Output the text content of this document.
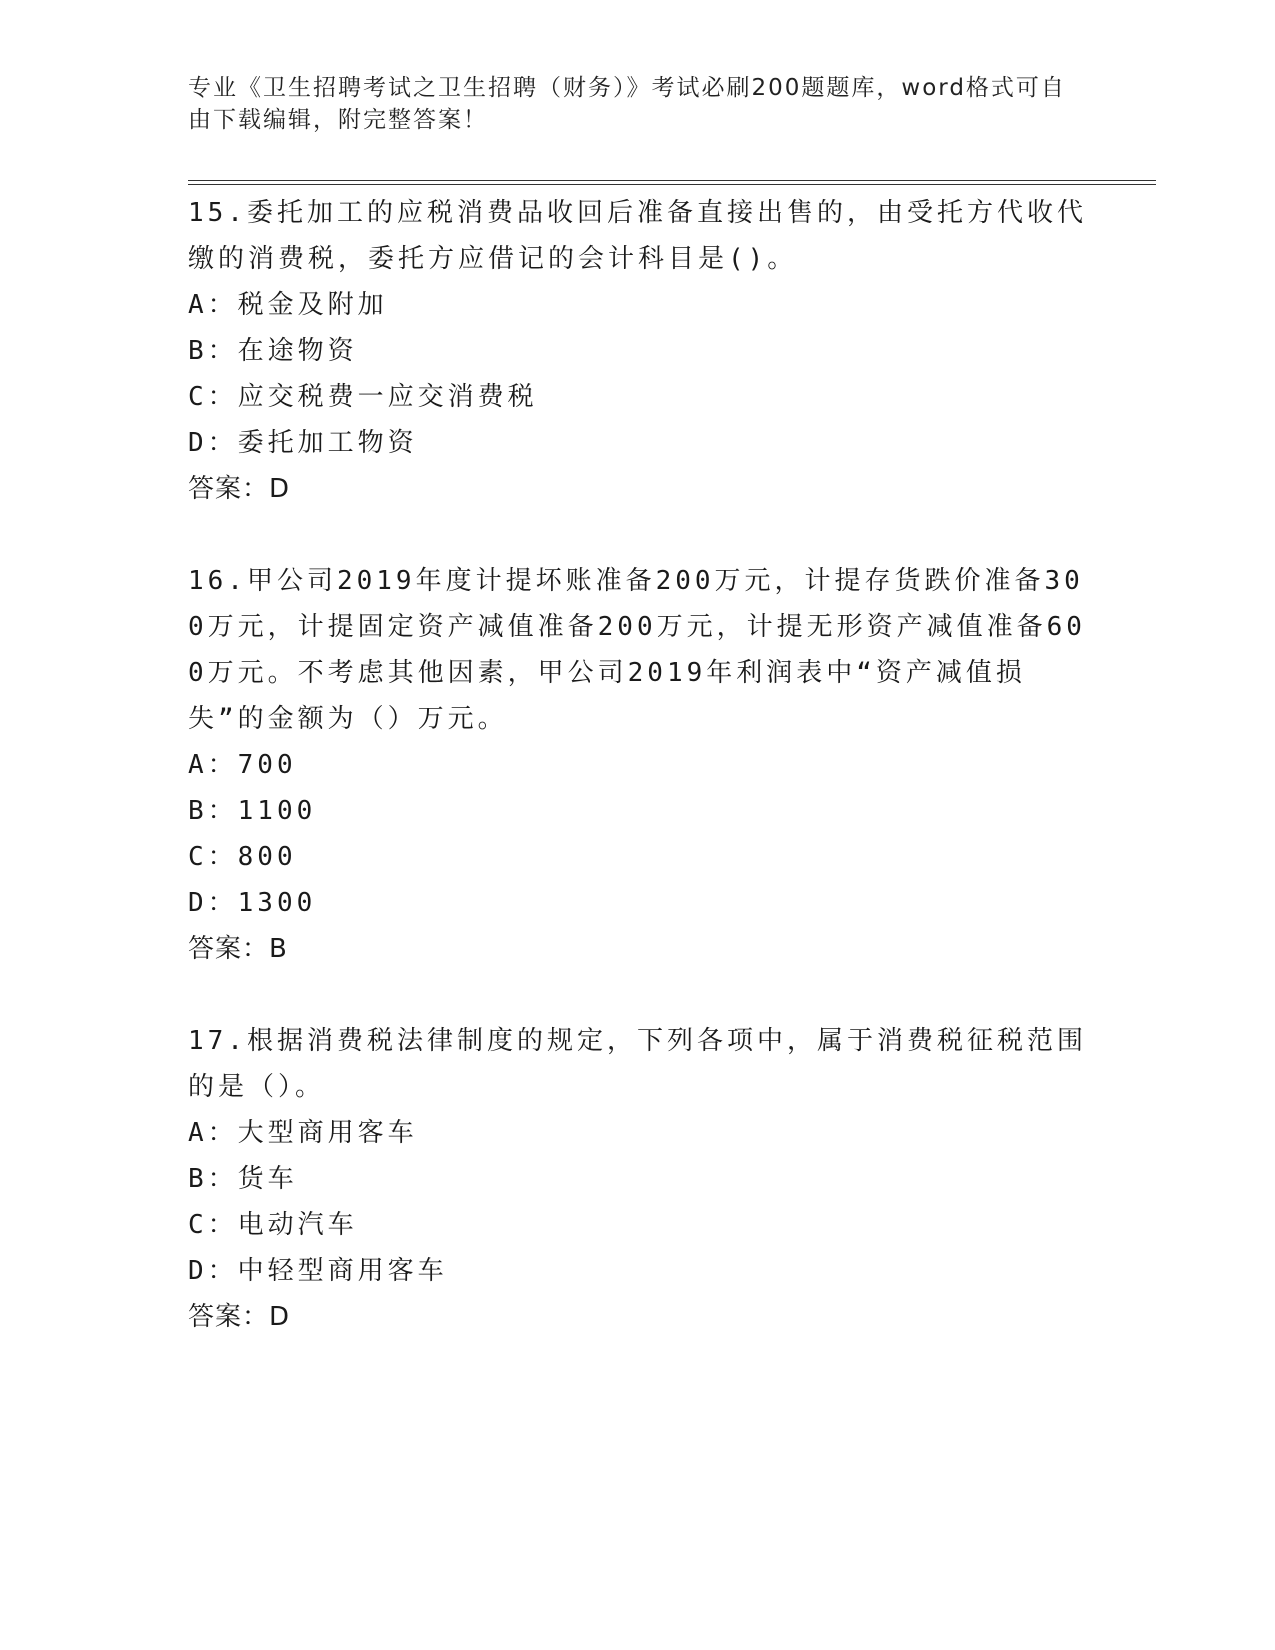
专业《卫生招聘考试之卫生招聘（财务）》考试必刷200题题库，word格式可自由下载编辑，附完整答案！

15.委托加工的应税消费品收回后准备直接出售的，由受托方代收代缴的消费税，委托方应借记的会计科目是()。

A：税金及附加

B：在途物资

C：应交税费一应交消费税

D：委托加工物资

答案：D

16.甲公司2019年度计提坏账准备200万元，计提存货跌价准备300万元，计提固定资产减值准备200万元，计提无形资产减值准备600万元。不考虑其他因素，甲公司2019年利润表中“资产减值损失”的金额为（）万元。

A：700

B：1100

C：800

D：1300

答案：B

17.根据消费税法律制度的规定，下列各项中，属于消费税征税范围的是（）。

A：大型商用客车

B：货车

C：电动汽车

D：中轻型商用客车

答案：D
